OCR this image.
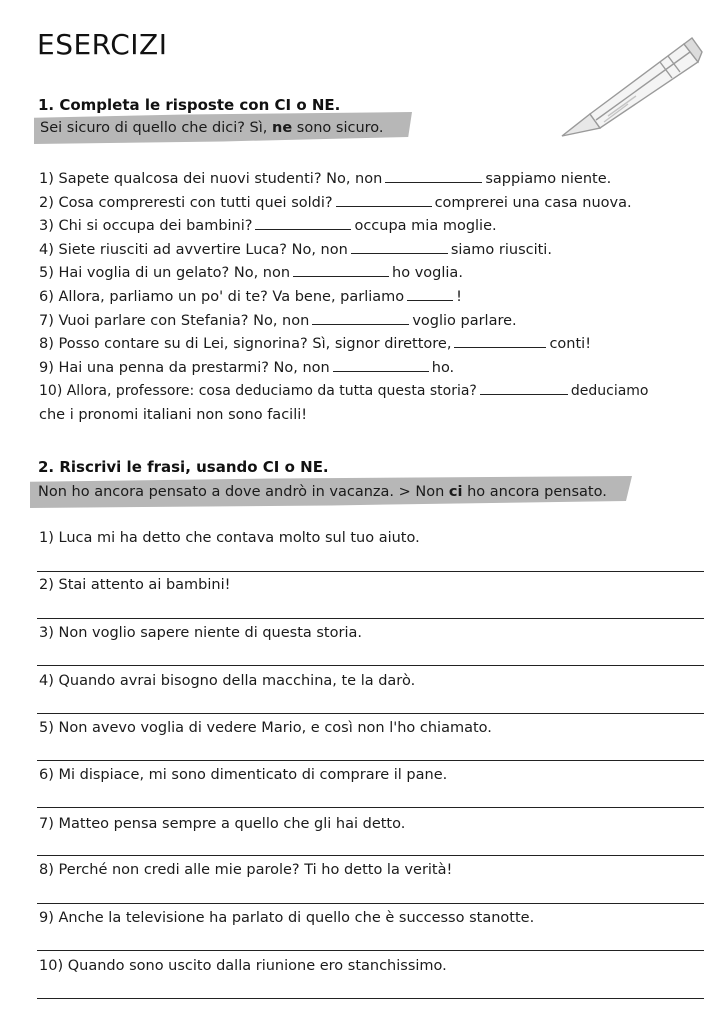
ESERCIZI
1. Completa le risposte con CI o NE.
Sei sicuro di quello che dici? Sì, ne sono sicuro.
1) Sapete qualcosa dei nuovi studenti? No, non	sappiamo niente.
2) Cosa compreresti con tutti quei soldi?	comprerei una casa nuova.
3) Chi si occupa dei bambini?	occupa mia moglie.
4) Siete riusciti ad avvertire Luca? No, non	siamo riusciti.
5) Hai voglia di un gelato? No, non	ho voglia.
6) Allora, parliamo un po' di te? Va bene, parliamo	!
7) Vuoi parlare con Stefania? No, non	voglio parlare.
8) Posso contare su di Lei, signorina? Sì, signor direttore,	conti!
9) Hai una penna da prestarmi? No, non	ho.
10) Allora, professore: cosa deduciamo da tutta questa storia?	deduciamo
che i pronomi italiani non sono facili!
2. Riscrivi le frasi, usando CI o NE.
Non ho ancora pensato a dove andrò in vacanza. > Non ci ho ancora pensato.
1) Luca mi ha detto che contava molto sul tuo aiuto.
2) Stai attento ai bambini!
3) Non voglio sapere niente di questa storia.
4) Quando avrai bisogno della macchina, te la darò.
5) Non avevo voglia di vedere Mario, e così non l'ho chiamato.
6) Mi dispiace, mi sono dimenticato di comprare il pane.
7) Matteo pensa sempre a quello che gli hai detto.
8) Perché non credi alle mie parole? Ti ho detto la verità!
9) Anche la televisione ha parlato di quello che è successo stanotte.
10) Quando sono uscito dalla riunione ero stanchissimo.
